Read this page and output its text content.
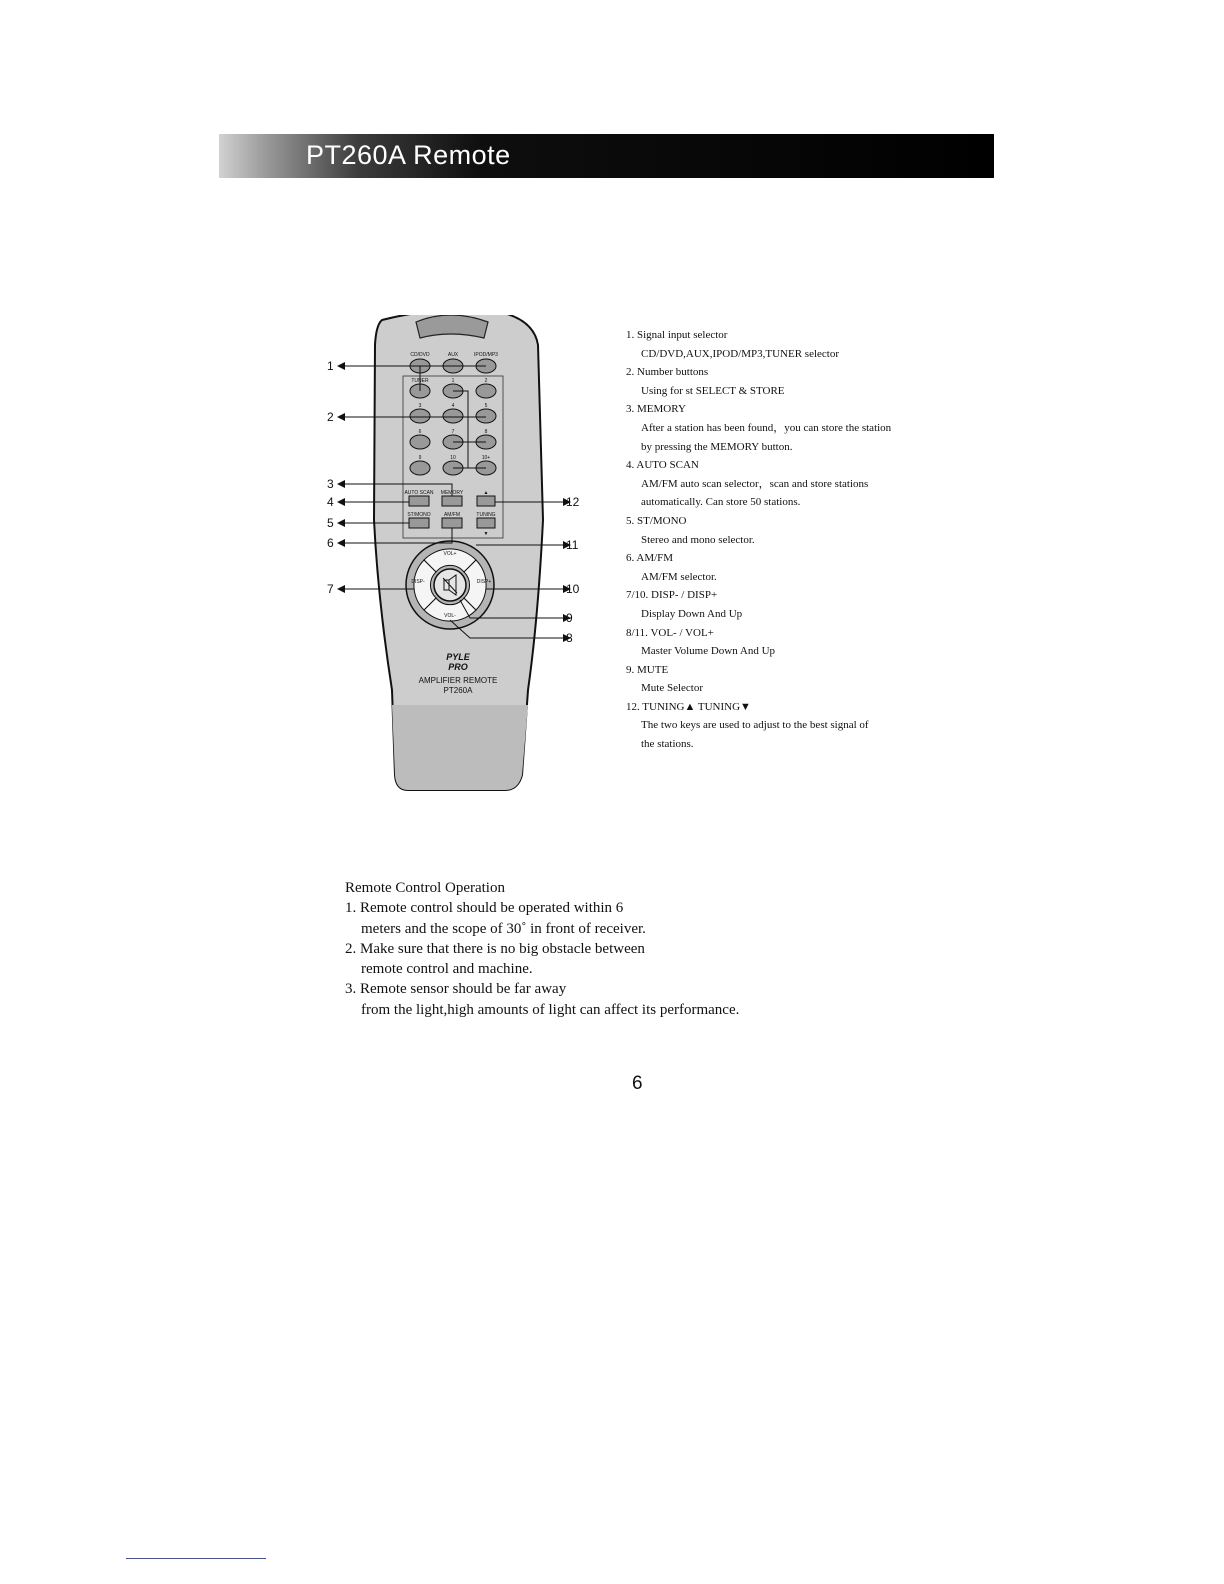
PT260A Remote
CD/DVD	AUX	IPOD/MP3
TUNER	1	2
3	4	5
6	7	8
9	10	10+
AUTO SCAN MEMORY	▲
ST/MONO	AM/FM	TUNING
▼
VOL+
VOL-
DISP-	DISP+
PYLE
PRO
AMPLIFIER REMOTE
PT260A
1
2
3
4
5
6
7
8
9
10
11
12
1. Signal input selector
CD/DVD,AUX,IPOD/MP3,TUNER selector
2. Number buttons
Using for st SELECT & STORE
3. MEMORY
After a station has been found，you can store the station
by pressing the MEMORY button.
4. AUTO SCAN
AM/FM auto scan selector，scan and store stations
automatically. Can store 50 stations.
5. ST/MONO
Stereo and mono selector.
6. AM/FM
AM/FM selector.
7/10. DISP- / DISP+
Display Down And Up
8/11. VOL- / VOL+
Master Volume Down And Up
9. MUTE
Mute Selector
12. TUNING▲ TUNING▼
The two keys are used to adjust to the best signal of
the stations.
Remote Control Operation
1. Remote control should be operated within 6
meters and the scope of 30˚ in front of receiver.
2. Make sure that there is no big obstacle between
remote control and machine.
3. Remote sensor should be far away
from the light,high amounts of light can affect its performance.
6
